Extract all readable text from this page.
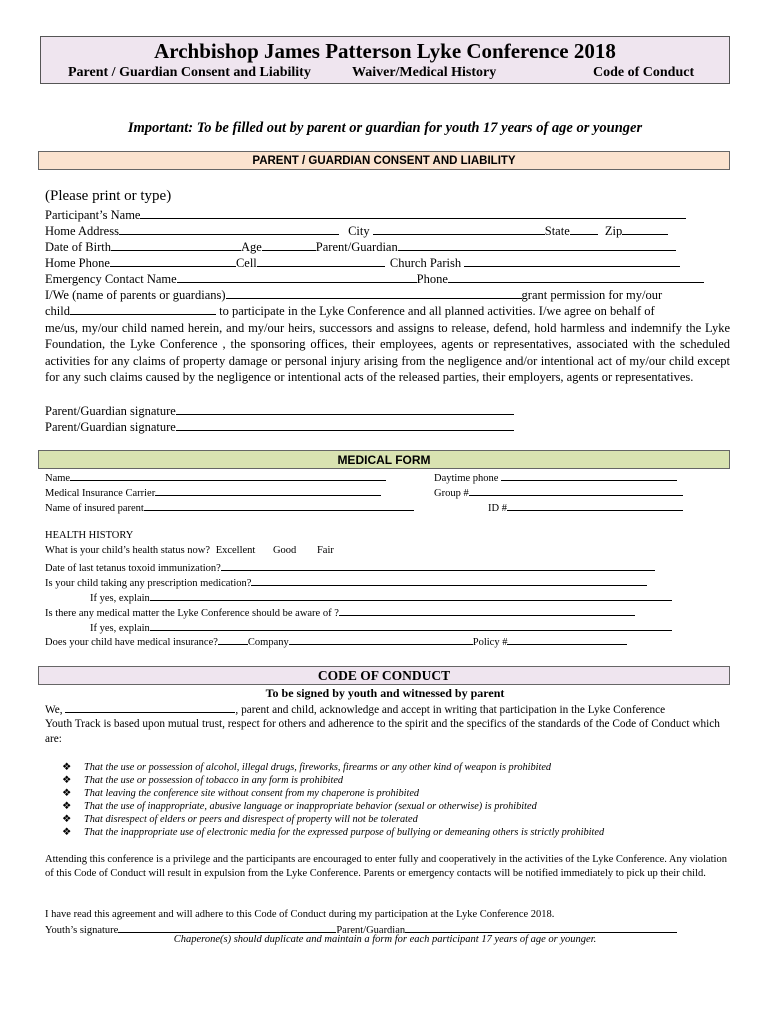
Archbishop James Patterson Lyke Conference 2018
Parent / Guardian Consent and Liability	Waiver/Medical History	Code of Conduct
Important: To be filled out by parent or guardian for youth 17 years of age or younger
PARENT / GUARDIAN CONSENT AND LIABILITY
(Please print or type)
Participant’s Name
Home Address	City	State	Zip
Date of Birth	Age	Parent/Guardian
Home Phone	Cell	Church Parish
Emergency Contact Name	Phone
I/We (name of parents or guardians)	grant permission for my/our
child	to participate in the Lyke Conference and all planned activities. I/we agree on behalf of
me/us, my/our child named herein, and my/our heirs, successors and assigns to release, defend, hold harmless and indemnify the Lyke Foundation, the Lyke Conference , the sponsoring offices, their employees, agents or representatives, associated with the scheduled activities for any claims of property damage or personal injury arising from the negligence and/or intentional act of my/our child except for any such claims caused by the negligence or intentional acts of the released parties, their employers, agents or representatives.
Parent/Guardian signature
Parent/Guardian signature
MEDICAL FORM
Name	Daytime phone
Medical Insurance Carrier	Group #
Name of insured parent	ID #
HEALTH HISTORY
What is your child’s health status now? Excellent Good Fair
Date of last tetanus toxoid immunization?
Is your child taking any prescription medication?
If yes, explain
Is there any medical matter the Lyke Conference should be aware of ?
If yes, explain
Does your child have medical insurance?	Company	Policy #
CODE OF CONDUCT
To be signed by youth and witnessed by parent
We,	, parent and child, acknowledge and accept in writing that participation in the Lyke Conference
Youth Track is based upon mutual trust, respect for others and adherence to the spirit and the specifics of the standards of the Code of Conduct which are:
❖ That the use or possession of alcohol, illegal drugs, fireworks, firearms or any other kind of weapon is prohibited
❖ That the use or possession of tobacco in any form is prohibited
❖ That leaving the conference site without consent from my chaperone is prohibited
❖ That the use of inappropriate, abusive language or inappropriate behavior (sexual or otherwise) is prohibited
❖ That disrespect of elders or peers and disrespect of property will not be tolerated
❖ That the inappropriate use of electronic media for the expressed purpose of bullying or demeaning others is strictly prohibited
Attending this conference is a privilege and the participants are encouraged to enter fully and cooperatively in the activities of the Lyke Conference. Any violation of this Code of Conduct will result in expulsion from the Lyke Conference. Parents or emergency contacts will be notified immediately to pick up their child.
I have read this agreement and will adhere to this Code of Conduct during my participation at the Lyke Conference 2018.
Youth’s signature	Parent/Guardian
Chaperone(s) should duplicate and maintain a form for each participant 17 years of age or younger.
